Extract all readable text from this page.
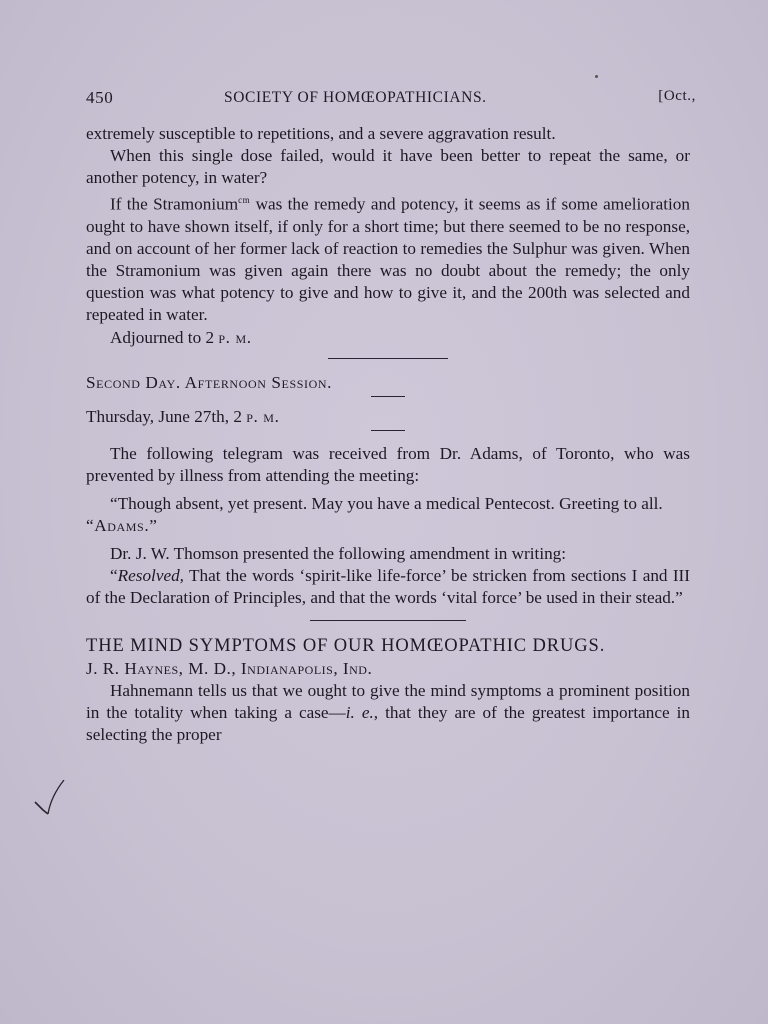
450	SOCIETY OF HOMŒOPATHICIANS.	[Oct.,

extremely susceptible to repetitions, and a severe aggravation result.

When this single dose failed, would it have been better to repeat the same, or another potency, in water?

If the Stramonium$^{cm}$ was the remedy and potency, it seems as if some amelioration ought to have shown itself, if only for a short time; but there seemed to be no response, and on account of her former lack of reaction to remedies the Sulphur was given. When the Stramonium was given again there was no doubt about the remedy; the only question was what potency to give and how to give it, and the 200th was selected and repeated in water.

Adjourned to 2 p. m.

Second Day. Afternoon Session.

Thursday, June 27th, 2 p. m.

The following telegram was received from Dr. Adams, of Toronto, who was prevented by illness from attending the meeting:

“Though absent, yet present. May you have a medical Pentecost. Greeting to all.

“Adams.”

Dr. J. W. Thomson presented the following amendment in writing:

“Resolved, That the words ‘spirit-like life-force’ be stricken from sections I and III of the Declaration of Principles, and that the words ‘vital force’ be used in their stead.”

THE MIND SYMPTOMS OF OUR HOMŒOPATHIC DRUGS.

J. R. Haynes, M. D., Indianapolis, Ind.

Hahnemann tells us that we ought to give the mind symptoms a prominent position in the totality when taking a case—i. e., that they are of the greatest importance in selecting the proper
